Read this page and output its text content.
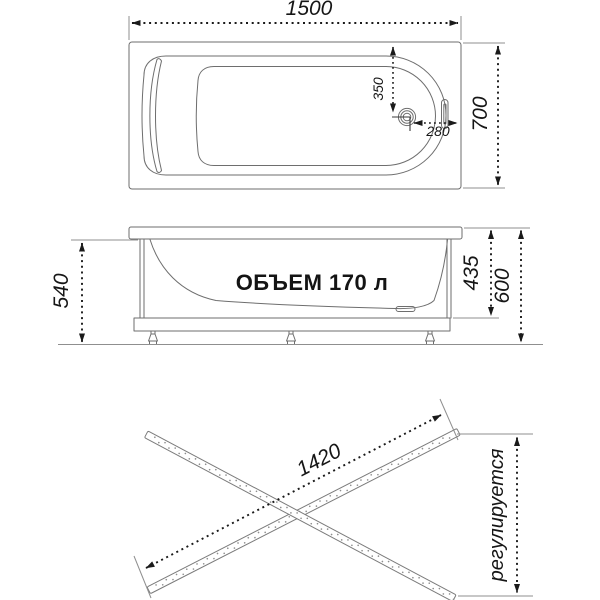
1500
700
350
280
ОБЪЕМ 170 л
540
435 600
1420	регулируется
